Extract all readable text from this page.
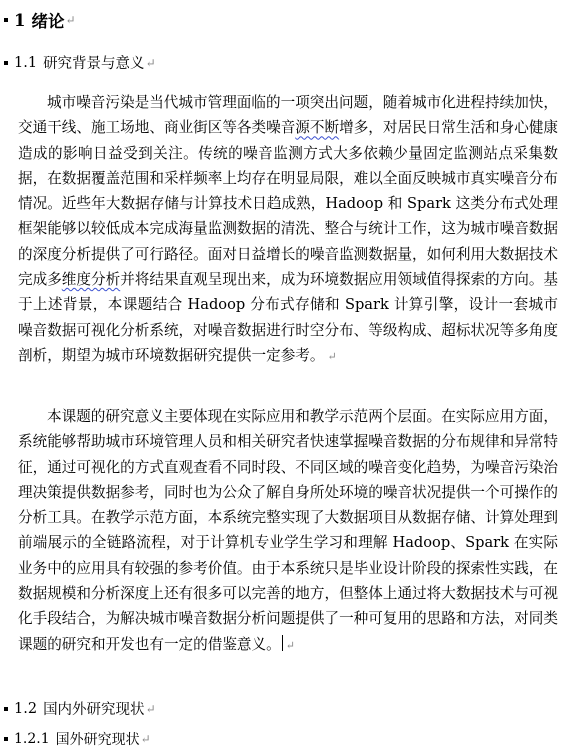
1 绪论 ↵
1.1 研究背景与意义 ↵

城市噪音污染是当代城市管理面临的一项突出问题，随着城市化进程持续加快，交通干线、施工场地、商业街区等各类噪音源不断增多，对居民日常生活和身心健康造成的影响日益受到关注。传统的噪音监测方式大多依赖少量固定监测站点采集数据，在数据覆盖范围和采样频率上均存在明显局限，难以全面反映城市真实噪音分布情况。近些年大数据存储与计算技术日趋成熟，Hadoop 和 Spark 这类分布式处理框架能够以较低成本完成海量监测数据的清洗、整合与统计工作，这为城市噪音数据的深度分析提供了可行路径。面对日益增长的噪音监测数据量，如何利用大数据技术完成多维度分析并将结果直观呈现出来，成为环境数据应用领域值得探索的方向。基于上述背景，本课题结合 Hadoop 分布式存储和 Spark 计算引擎，设计一套城市噪音数据可视化分析系统，对噪音数据进行时空分布、等级构成、超标状况等多角度剖析，期望为城市环境数据研究提供一定参考。 ↵

本课题的研究意义主要体现在实际应用和教学示范两个层面。在实际应用方面，系统能够帮助城市环境管理人员和相关研究者快速掌握噪音数据的分布规律和异常特征，通过可视化的方式直观查看不同时段、不同区域的噪音变化趋势，为噪音污染治理决策提供数据参考，同时也为公众了解自身所处环境的噪音状况提供一个可操作的分析工具。在教学示范方面，本系统完整实现了大数据项目从数据存储、计算处理到前端展示的全链路流程，对于计算机专业学生学习和理解 Hadoop、Spark 在实际业务中的应用具有较强的参考价值。由于本系统只是毕业设计阶段的探索性实践，在数据规模和分析深度上还有很多可以完善的地方，但整体上通过将大数据技术与可视化手段结合，为解决城市噪音数据分析问题提供了一种可复用的思路和方法，对同类课题的研究和开发也有一定的借鉴意义。 ↵

1.2 国内外研究现状 ↵
1.2.1 国外研究现状 ↵
